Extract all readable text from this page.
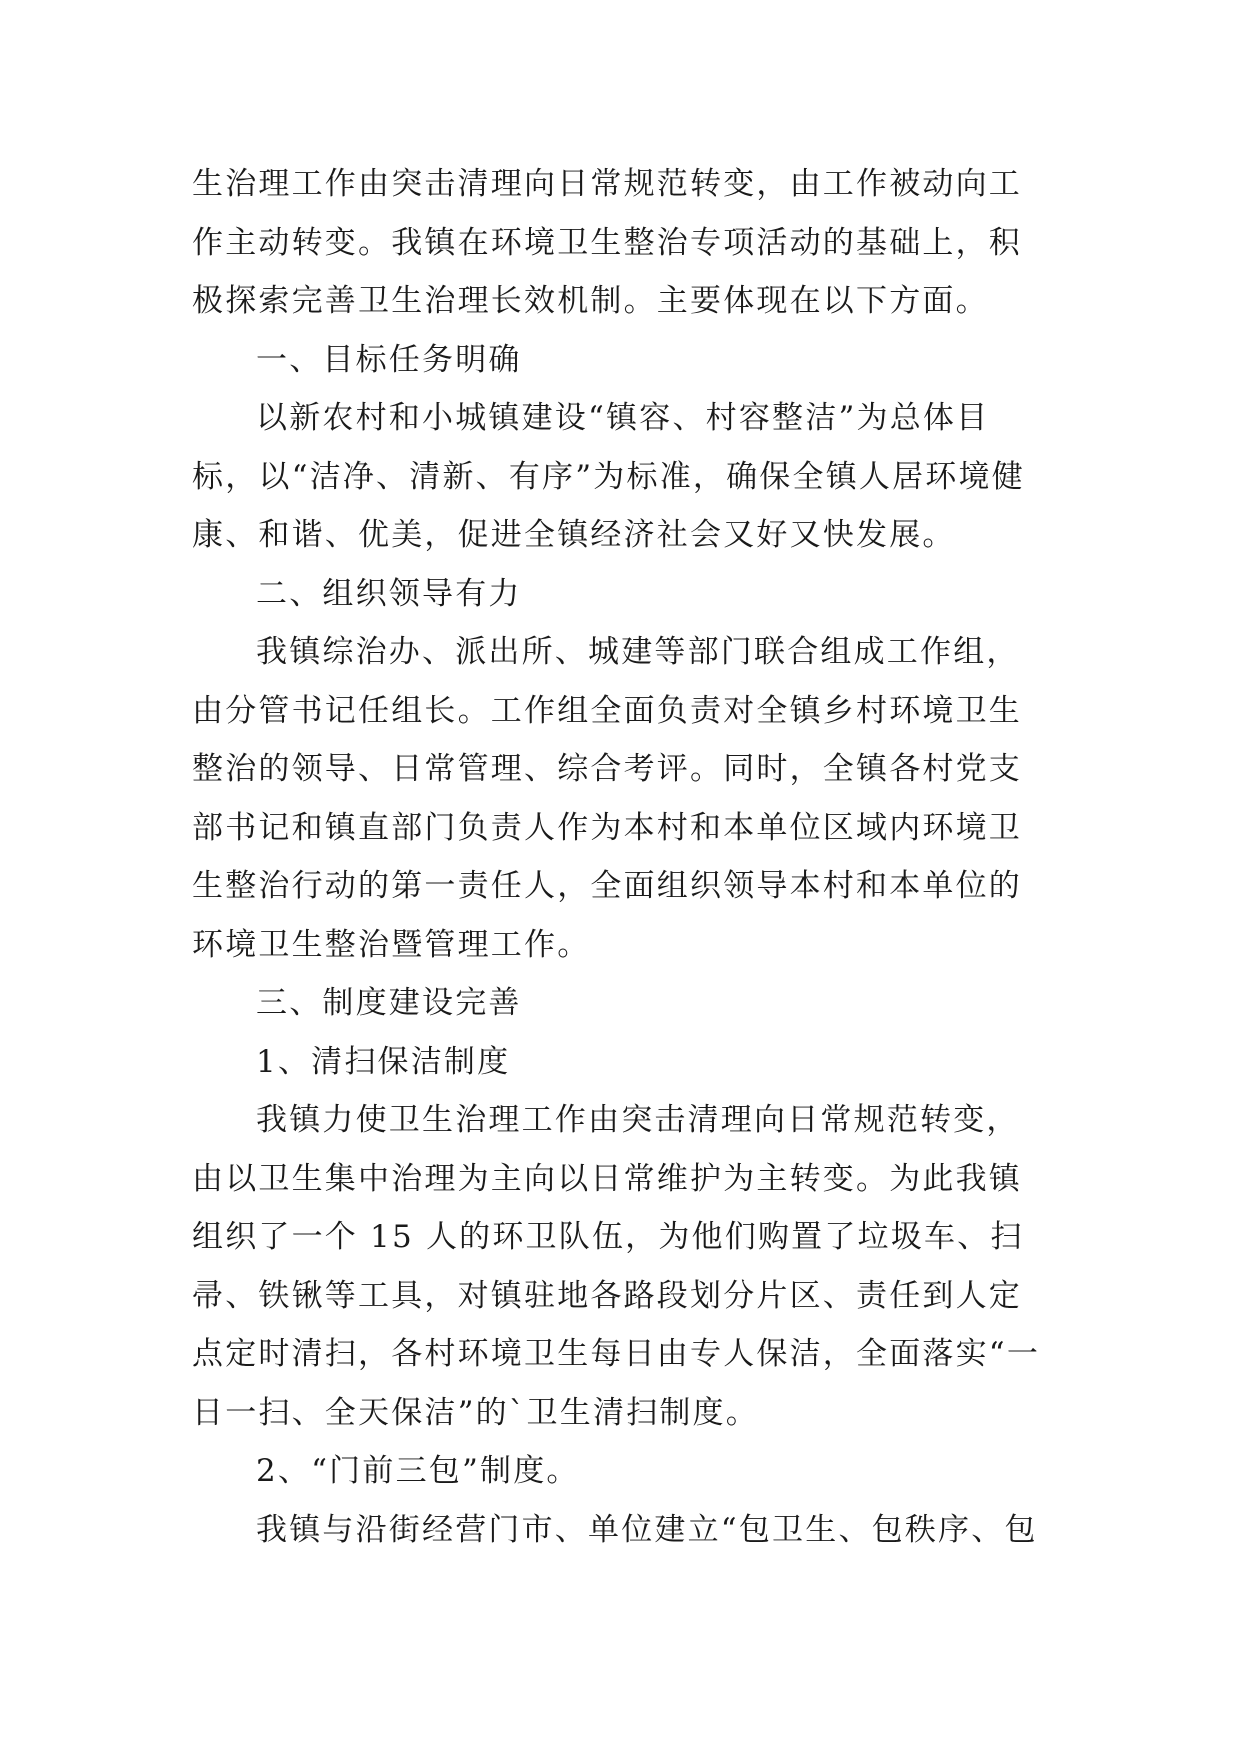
生治理工作由突击清理向日常规范转变，由工作被动向工作主动转变。我镇在环境卫生整治专项活动的基础上，积极探索完善卫生治理长效机制。主要体现在以下方面。

一、目标任务明确

以新农村和小城镇建设“镇容、村容整洁”为总体目标，以“洁净、清新、有序”为标准，确保全镇人居环境健康、和谐、优美，促进全镇经济社会又好又快发展。

二、组织领导有力

我镇综治办、派出所、城建等部门联合组成工作组，由分管书记任组长。工作组全面负责对全镇乡村环境卫生整治的领导、日常管理、综合考评。同时，全镇各村党支部书记和镇直部门负责人作为本村和本单位区域内环境卫生整治行动的第一责任人，全面组织领导本村和本单位的环境卫生整治暨管理工作。

三、制度建设完善

1、清扫保洁制度

我镇力使卫生治理工作由突击清理向日常规范转变，由以卫生集中治理为主向以日常维护为主转变。为此我镇组织了一个 15 人的环卫队伍，为他们购置了垃圾车、扫帚、铁锹等工具，对镇驻地各路段划分片区、责任到人定点定时清扫，各村环境卫生每日由专人保洁，全面落实“一日一扫、全天保洁”的`卫生清扫制度。

2、“门前三包”制度。

我镇与沿街经营门市、单位建立“包卫生、包秩序、包
